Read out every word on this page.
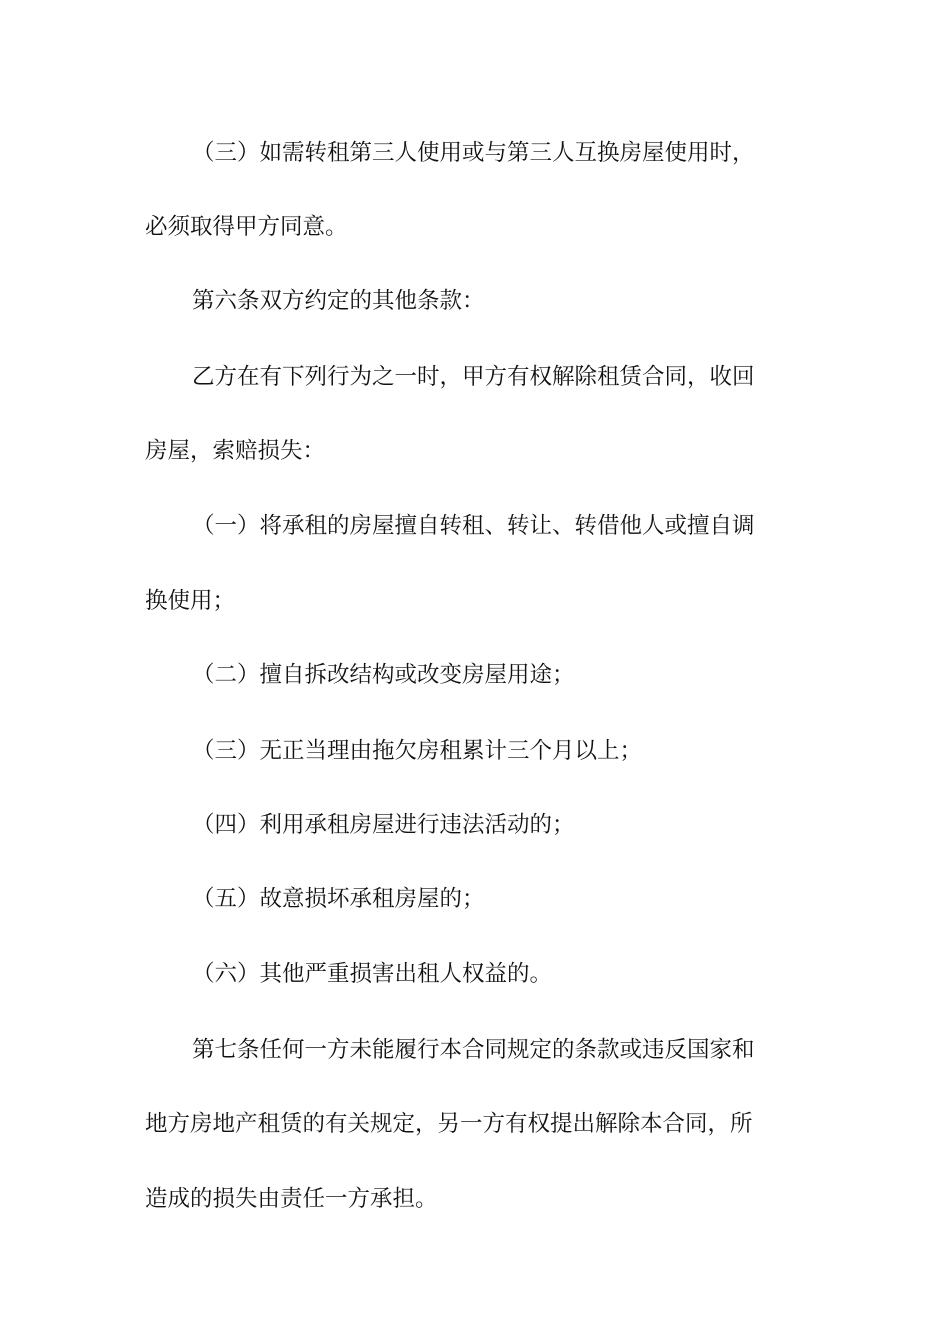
（三）如需转租第三人使用或与第三人互换房屋使用时，

必须取得甲方同意。

第六条双方约定的其他条款：

乙方在有下列行为之一时，甲方有权解除租赁合同，收回

房屋，索赔损失：

（一）将承租的房屋擅自转租、转让、转借他人或擅自调

换使用；

（二）擅自拆改结构或改变房屋用途；

（三）无正当理由拖欠房租累计三个月以上；

（四）利用承租房屋进行违法活动的；

（五）故意损坏承租房屋的；

（六）其他严重损害出租人权益的。

第七条任何一方未能履行本合同规定的条款或违反国家和

地方房地产租赁的有关规定，另一方有权提出解除本合同，所

造成的损失由责任一方承担。
